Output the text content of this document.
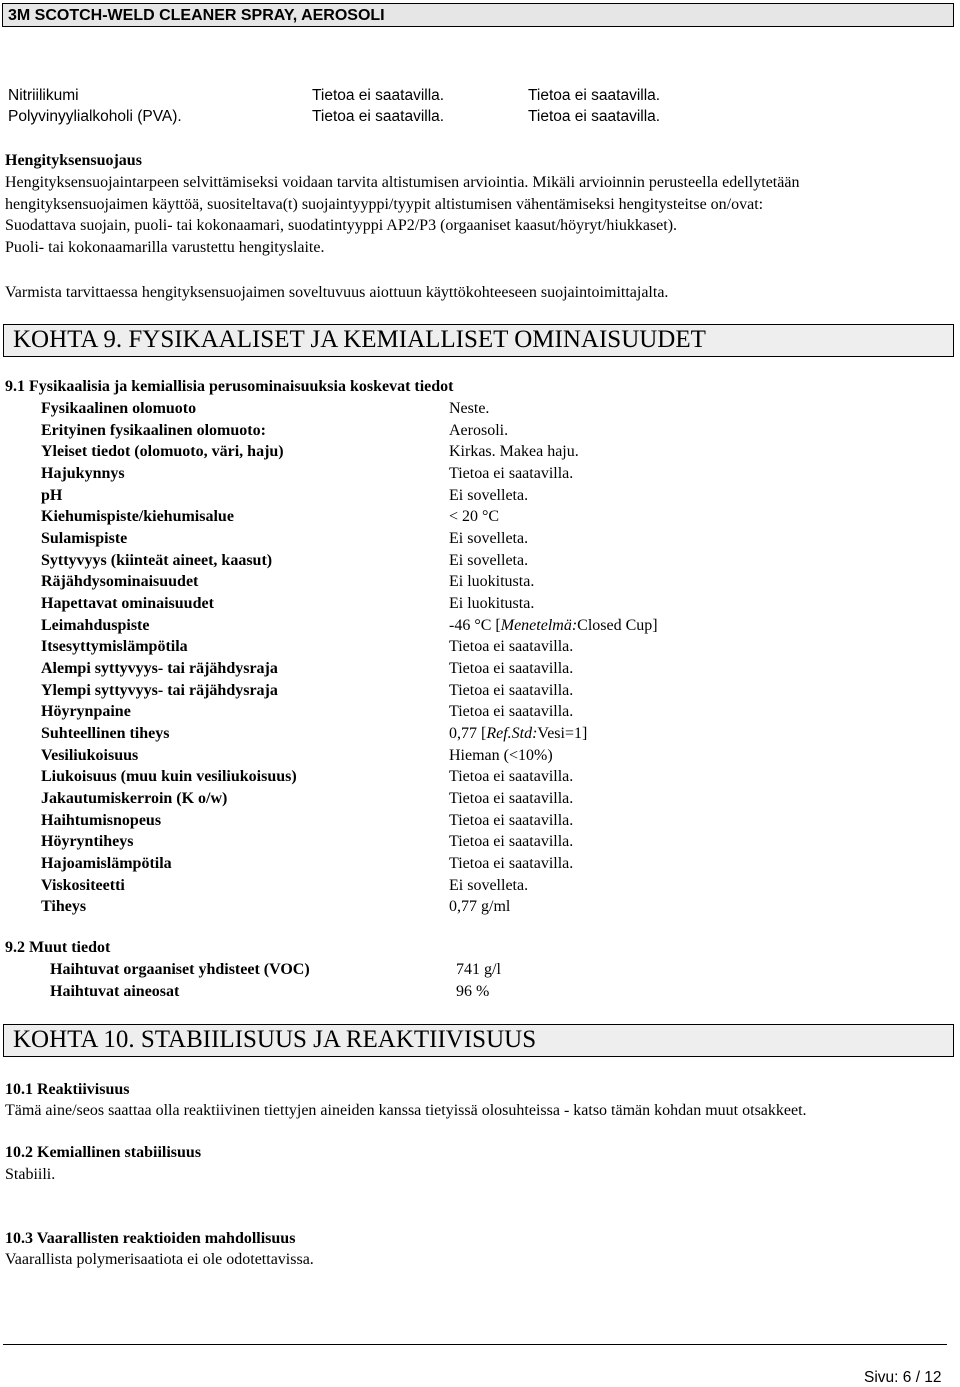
3M SCOTCH-WELD CLEANER SPRAY, AEROSOLI
Nitriilikumi	Tietoa ei saatavilla.	Tietoa ei saatavilla.
Polyvinyylialkoholi (PVA).	Tietoa ei saatavilla.	Tietoa ei saatavilla.
Hengityksensuojaus
Hengityksensuojaintarpeen selvittämiseksi voidaan tarvita altistumisen arviointia. Mikäli arvioinnin perusteella edellytetään
hengityksensuojaimen käyttöä, suositeltava(t) suojaintyyppi/tyypit altistumisen vähentämiseksi hengitysteitse on/ovat:
Suodattava suojain, puoli- tai kokonaamari, suodatintyyppi AP2/P3 (orgaaniset kaasut/höyryt/hiukkaset).
Puoli- tai kokonaamarilla varustettu hengityslaite.
Varmista tarvittaessa hengityksensuojaimen soveltuvuus aiottuun käyttökohteeseen suojaintoimittajalta.
KOHTA 9. FYSIKAALISET JA KEMIALLISET OMINAISUUDET
9.1 Fysikaalisia ja kemiallisia perusominaisuuksia koskevat tiedot
Fysikaalinen olomuoto	Neste.
Erityinen fysikaalinen olomuoto:	Aerosoli.
Yleiset tiedot (olomuoto, väri, haju)	Kirkas. Makea haju.
Hajukynnys	Tietoa ei saatavilla.
pH	Ei sovelleta.
Kiehumispiste/kiehumisalue	< 20 °C
Sulamispiste	Ei sovelleta.
Syttyvyys (kiinteät aineet, kaasut)	Ei sovelleta.
Räjähdysominaisuudet	Ei luokitusta.
Hapettavat ominaisuudet	Ei luokitusta.
Leimahduspiste	-46 °C [Menetelmä:Closed Cup]
Itsesyttymislämpötila	Tietoa ei saatavilla.
Alempi syttyvyys- tai räjähdysraja	Tietoa ei saatavilla.
Ylempi syttyvyys- tai räjähdysraja	Tietoa ei saatavilla.
Höyrynpaine	Tietoa ei saatavilla.
Suhteellinen tiheys	0,77 [Ref.Std:Vesi=1]
Vesiliukoisuus	Hieman (<10%)
Liukoisuus (muu kuin vesiliukoisuus)	Tietoa ei saatavilla.
Jakautumiskerroin (K o/w)	Tietoa ei saatavilla.
Haihtumisnopeus	Tietoa ei saatavilla.
Höyryntiheys	Tietoa ei saatavilla.
Hajoamislämpötila	Tietoa ei saatavilla.
Viskositeetti	Ei sovelleta.
Tiheys	0,77 g/ml
9.2 Muut tiedot
Haihtuvat orgaaniset yhdisteet (VOC)	741 g/l
Haihtuvat aineosat	96 %
KOHTA 10. STABIILISUUS JA REAKTIIVISUUS
10.1 Reaktiivisuus
Tämä aine/seos saattaa olla reaktiivinen tiettyjen aineiden kanssa tietyissä olosuhteissa - katso tämän kohdan muut otsakkeet.
10.2 Kemiallinen stabiilisuus
Stabiili.
10.3 Vaarallisten reaktioiden mahdollisuus
Vaarallista polymerisaatiota ei ole odotettavissa.
Sivu: 6 / 12
